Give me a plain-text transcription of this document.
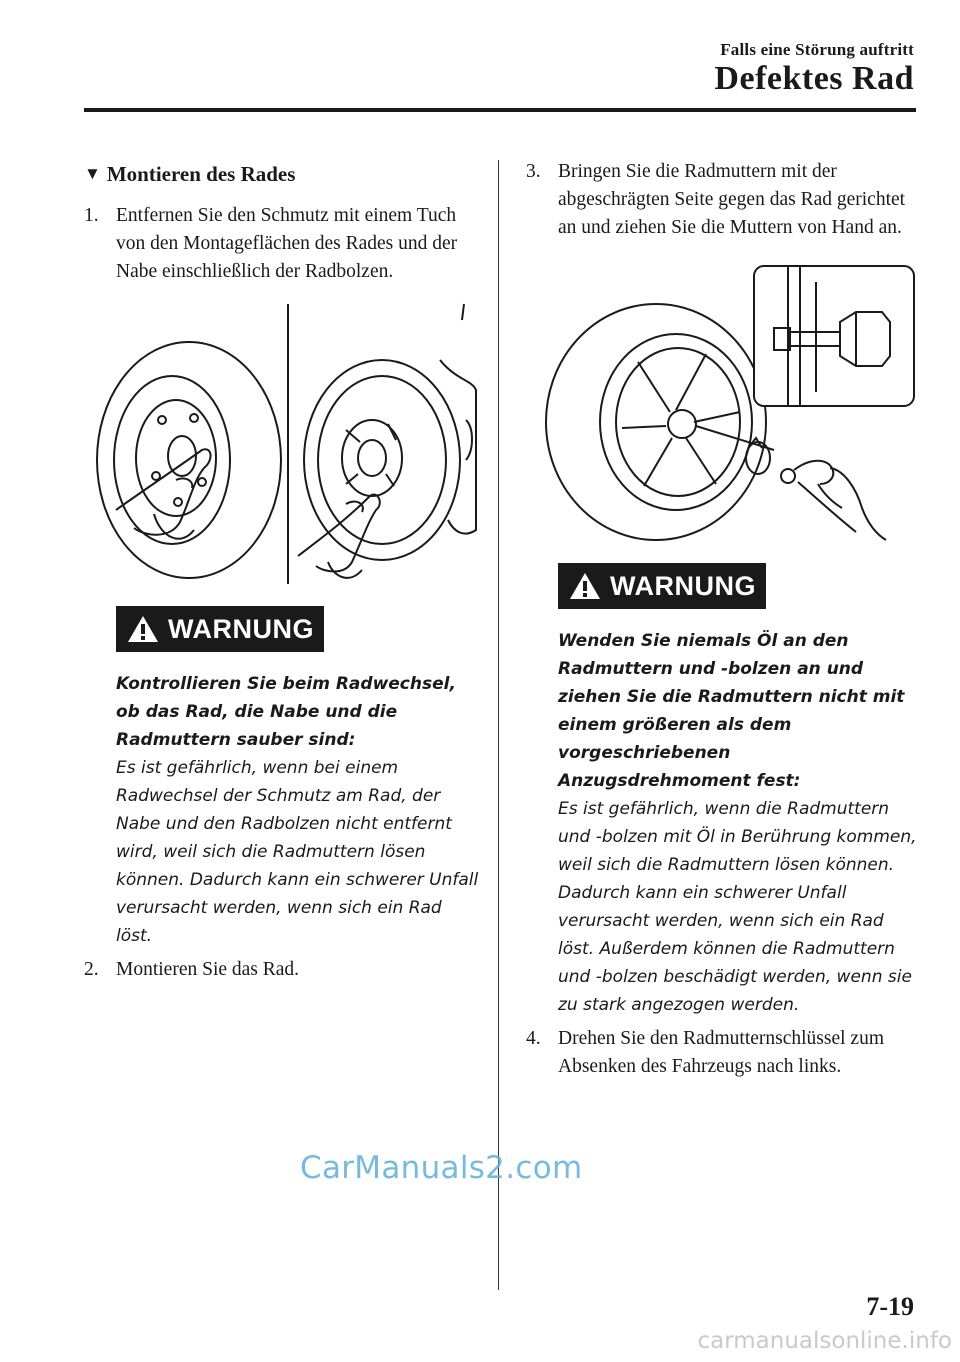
Falls eine Störung auftritt
Defektes Rad
▼ Montieren des Rades
1. Entfernen Sie den Schmutz mit einem Tuch von den Montageflächen des Rades und der Nabe einschließlich der Radbolzen.
WARNUNG
Kontrollieren Sie beim Radwechsel, ob das Rad, die Nabe und die Radmuttern sauber sind:
Es ist gefährlich, wenn bei einem Radwechsel der Schmutz am Rad, der Nabe und den Radbolzen nicht entfernt wird, weil sich die Radmuttern lösen können. Dadurch kann ein schwerer Unfall verursacht werden, wenn sich ein Rad löst.
2. Montieren Sie das Rad.
3. Bringen Sie die Radmuttern mit der abgeschrägten Seite gegen das Rad gerichtet an und ziehen Sie die Muttern von Hand an.
WARNUNG
Wenden Sie niemals Öl an den Radmuttern und -bolzen an und ziehen Sie die Radmuttern nicht mit einem größeren als dem vorgeschriebenen Anzugsdrehmoment fest:
Es ist gefährlich, wenn die Radmuttern und -bolzen mit Öl in Berührung kommen, weil sich die Radmuttern lösen können. Dadurch kann ein schwerer Unfall verursacht werden, wenn sich ein Rad löst. Außerdem können die Radmuttern und -bolzen beschädigt werden, wenn sie zu stark angezogen werden.
4. Drehen Sie den Radmutternschlüssel zum Absenken des Fahrzeugs nach links.
CarManuals2.com
7-19
carmanualsonline.info
